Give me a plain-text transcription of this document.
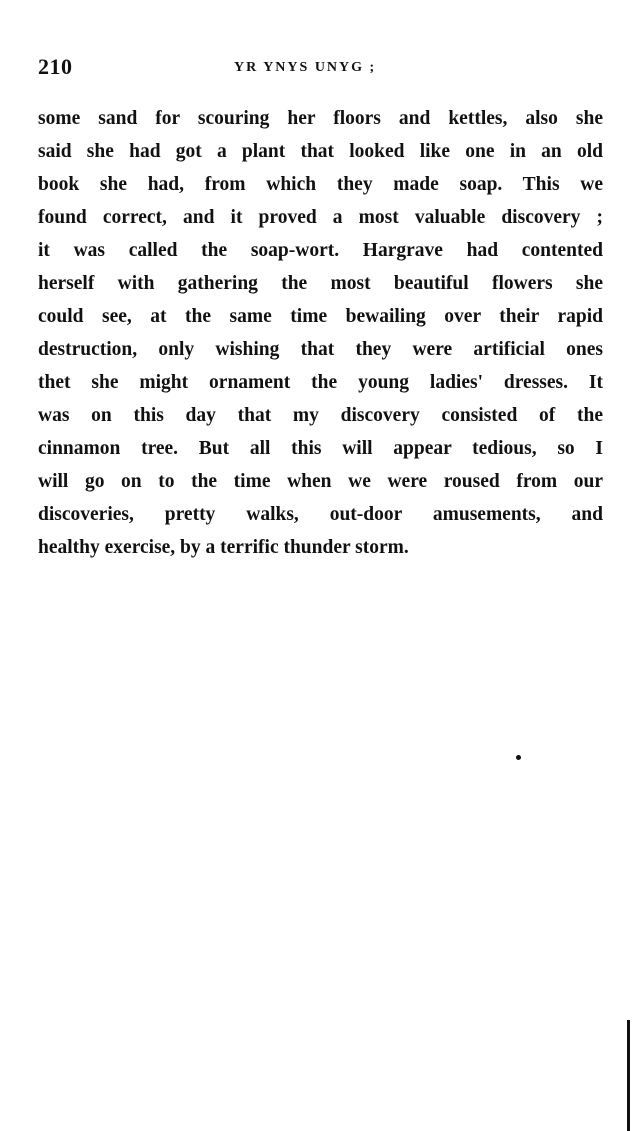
210	YR YNYS UNYG ;
some sand for scouring her floors and kettles, also she
said she had got a plant that looked like one in an old
book she had, from which they made soap. This we
found correct, and it proved a most valuable discovery ;
it was called the soap-wort. Hargrave had contented
herself with gathering the most beautiful flowers she
could see, at the same time bewailing over their rapid
destruction, only wishing that they were artificial ones
thet she might ornament the young ladies' dresses. It
was on this day that my discovery consisted of the
cinnamon tree. But all this will appear tedious, so I
will go on to the time when we were roused from our
discoveries, pretty walks, out-door amusements, and
healthy exercise, by a terrific thunder storm.
